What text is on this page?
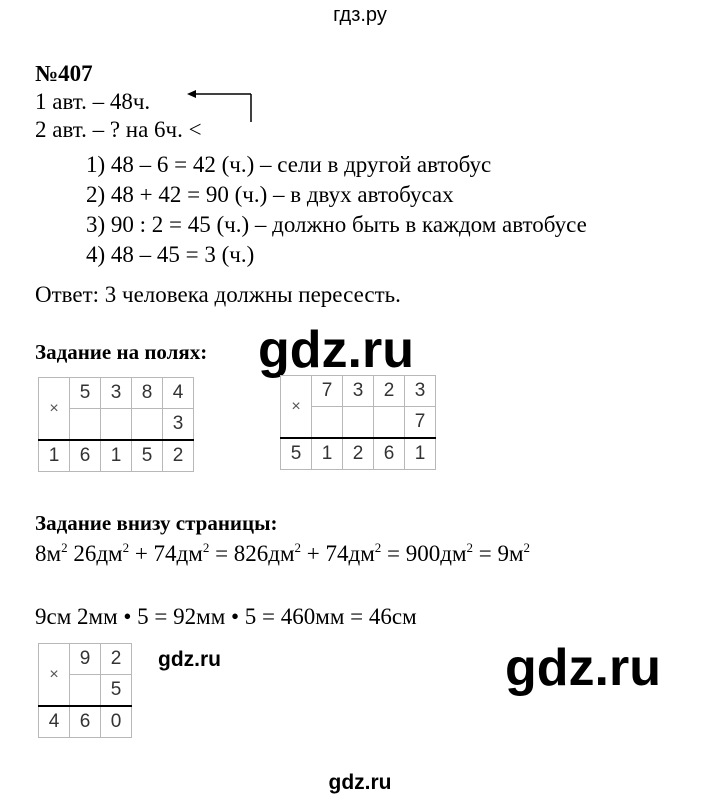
гдз.ру
№407
1 авт. – 48ч.
2 авт. – ? на 6ч. <
1) 48 – 6 = 42 (ч.) – сели в другой автобус
2) 48 + 42 = 90 (ч.) – в двух автобусах
3) 90 : 2 = 45 (ч.) – должно быть в каждом автобусе
4) 48 – 45 = 3 (ч.)
Ответ: 3 человека должны пересесть.
Задание на полях: gdz.ru
×	5	3	8	4
				3
1	6	1	5	2
×	7	3	2	3
				7
5	1	2	6	1
Задание внизу страницы:
$8м^2$ $26дм^2 + 74дм^2 = 826дм^2 + 74дм^2 = 900дм^2 = 9м^2$
9см 2мм • 5 = 92мм • 5 = 460мм = 46см
×	9	2
		5
4	6	0
gdz.ru	gdz.ru
gdz.ru
